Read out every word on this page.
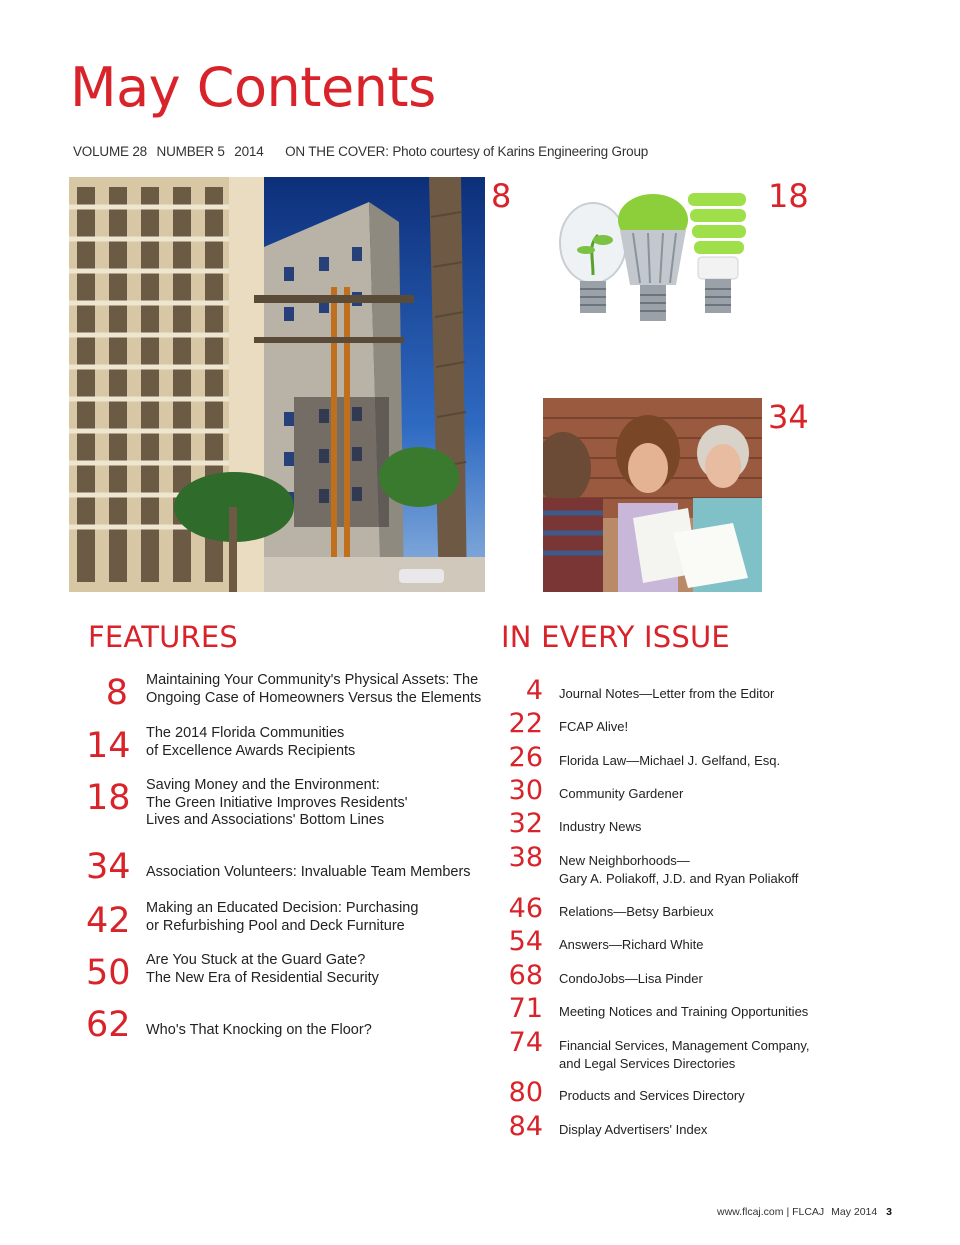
May Contents
VOLUME 28 NUMBER 5 2014 ON THE COVER: Photo courtesy of Karins Engineering Group
8	18
34
FEATURES
8 Maintaining Your Community's Physical Assets: The
Ongoing Case of Homeowners Versus the Elements
14 The 2014 Florida Communities
of Excellence Awards Recipients
18 Saving Money and the Environment:
The Green Initiative Improves Residents'
Lives and Associations' Bottom Lines
34 Association Volunteers: Invaluable Team Members
42 Making an Educated Decision: Purchasing
or Refurbishing Pool and Deck Furniture
50 Are You Stuck at the Guard Gate?
The New Era of Residential Security
62 Who's That Knocking on the Floor?
IN EVERY ISSUE
4 Journal Notes—Letter from the Editor
22 FCAP Alive!
26 Florida Law—Michael J. Gelfand, Esq.
30 Community Gardener
32 Industry News
38 New Neighborhoods—
Gary A. Poliakoff, J.D. and Ryan Poliakoff
46 Relations—Betsy Barbieux
54 Answers—Richard White
68 CondoJobs—Lisa Pinder
71 Meeting Notices and Training Opportunities
74 Financial Services, Management Company,
and Legal Services Directories
80 Products and Services Directory
84 Display Advertisers' Index
www.flcaj.com | FLCAJ May 2014 3
